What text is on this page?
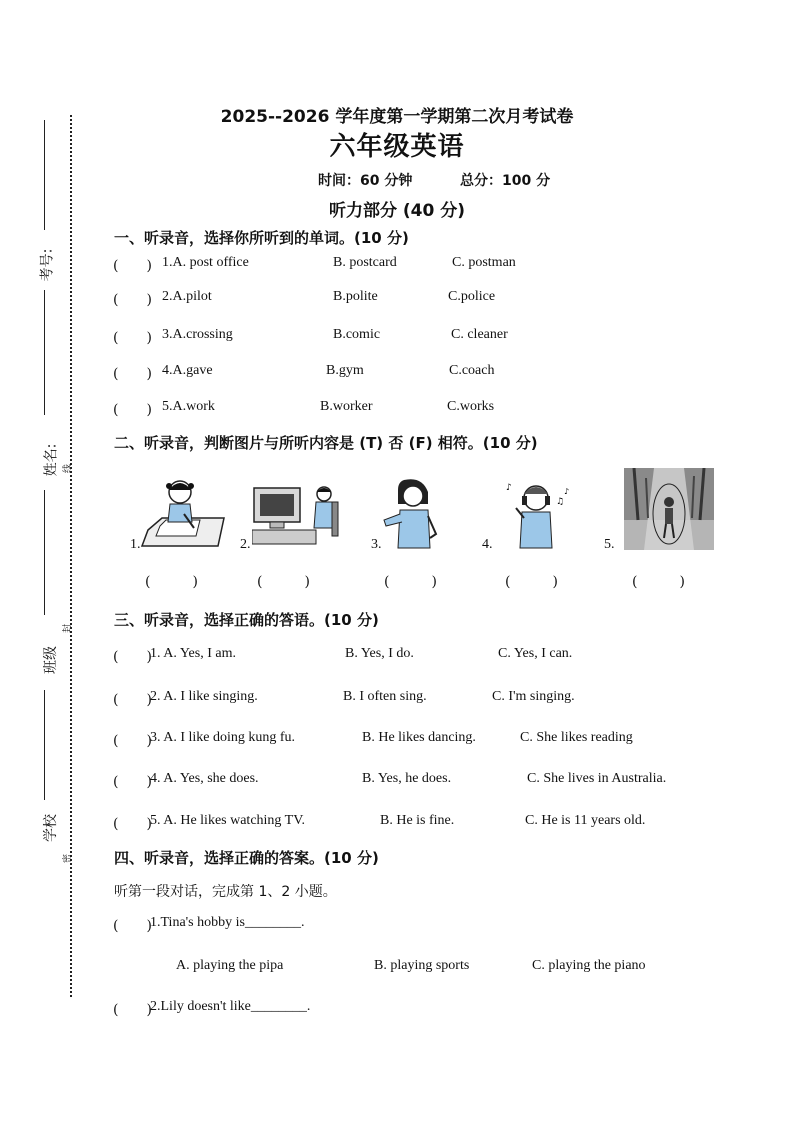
考号:
姓名:
班级
学校
线
封
密
2025--2026 学年度第一学期第二次月考试卷
六年级英语
时间：60 分钟	总分：100 分
听力部分 (40 分)
一、听录音，选择你所听到的单词。(10 分)
(　　) 1.A. post office	B. postcard	C. postman
(　　) 2.A.pilot	B.polite	C.police
(　　) 3.A.crossing	B.comic	C. cleaner
(　　) 4.A.gave	B.gym	C.coach
(　　) 5.A.work	B.worker	C.works
二、听录音，判断图片与所听内容是 (T) 否 (F) 相符。(10 分)
1.	2.	3.	4.	5.
♪
♫
♪
(　　　)	(　　　)	(　　　)	(　　　)	(　　　)
三、听录音，选择正确的答语。(10 分)
(　　)
1. A. Yes, I am.	B. Yes, I do.	C. Yes, I can.
(　　)
2. A. I like singing.	B. I often sing.	C. I'm singing.
(　　)
3. A. I like doing kung fu.	B. He likes dancing.	C. She likes reading
(　　)
4. A. Yes, she does.	B. Yes, he does.	C. She lives in Australia.
(　　)
5. A. He likes watching TV.	B. He is fine.	C. He is 11 years old.
四、听录音，选择正确的答案。(10 分)
听第一段对话，完成第 1、2 小题。
(　　)
1.Tina's hobby is________.
A. playing the pipa	B. playing sports	C. playing the piano
(　　)
2.Lily doesn't like________.
